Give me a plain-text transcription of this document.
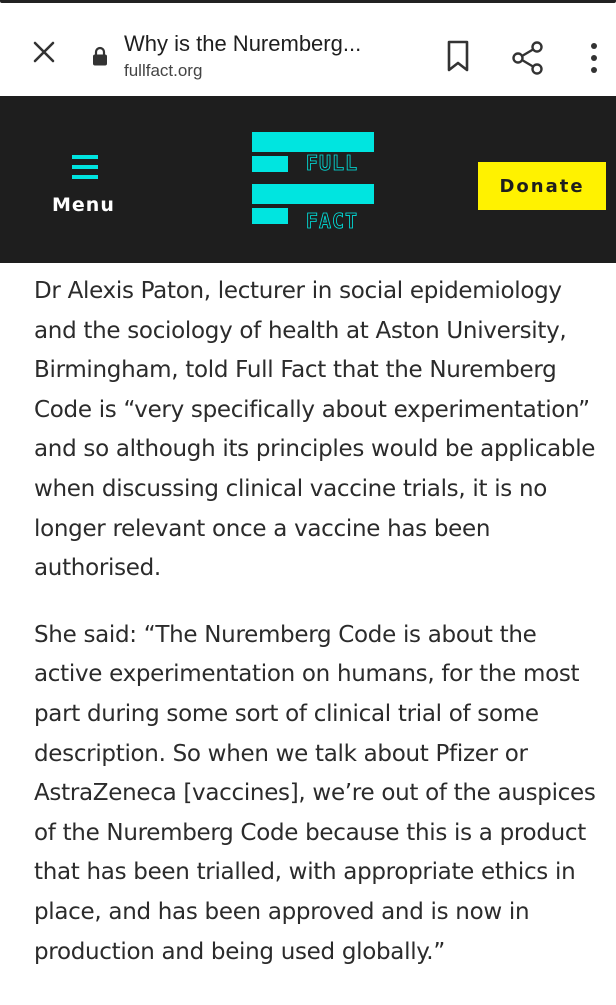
Why is the Nuremberg...
fullfact.org
Menu
FULL
FACT
Donate

Dr Alexis Paton, lecturer in social epidemiology and the sociology of health at Aston University, Birmingham, told Full Fact that the Nuremberg Code is “very specifically about experimentation” and so although its principles would be applicable when discussing clinical vaccine trials, it is no longer relevant once a vaccine has been authorised.

She said: “The Nuremberg Code is about the active experimentation on humans, for the most part during some sort of clinical trial of some description. So when we talk about Pfizer or AstraZeneca [vaccines], we’re out of the auspices of the Nuremberg Code because this is a product that has been trialled, with appropriate ethics in place, and has been approved and is now in production and being used globally.”
